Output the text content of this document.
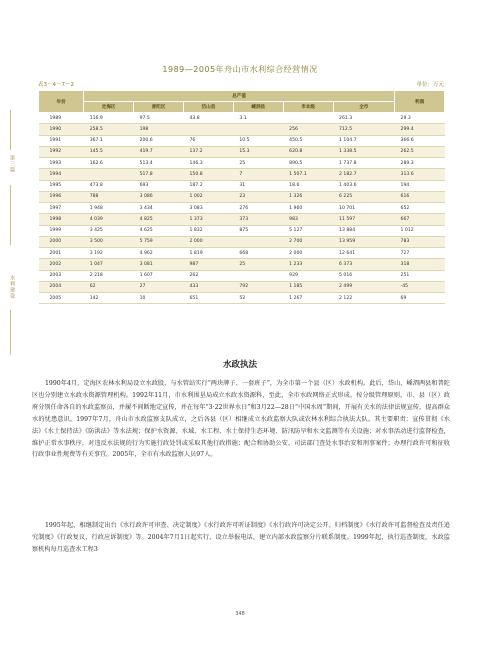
第三篇
水利建设
1989—2005年舟山市水利综合经营情况
表3－4－7－2	单位：万元
年份	总产值						利润
	定海区	普陀区	岱山县	嵊泗县	市本级	全市	
1989	116.9	97.5	43.8	3.1		261.3	29.3
1990	258.5	198			256	712.5	299.4
1991	367.1	200.6	76	10.5	450.5	1 104.7	366.6
1992	145.5	419.7	137.2	15.3	620.8	1 338.5	262.5
1993	162.6	513.4	146.3	25	890.5	1 737.8	289.3
1994		517.8	150.8	7	1 507.1	2 182.7	313.6
1995	473.8	693	187.2	31	18.6	1 403.6	194
1996	788	3 086	1 002	23	1 326	6 225	616
1997	1 948	3 434	3 083	276	1 960	10 701	652
1998	4 039	4 825	1 373	373	983	11 597	667
1999	3 425	4 625	1 832	875	5 127	13 884	1 012
2000	3 500	5 759	2 000		2 700	13 959	783
2001	3 192	4 962	1 819	668	2 000	12 641	727
2002	1 047	3 081	987	25	1 233	6 373	318
2003	2 218	1 607	262		929	5 016	251
2004	62	27	433	792	1 185	2 499	-45
2005	142	10	651	52	1 267	2 122	69
水政执法
1990年4月，定海区农林水利局设立水政股，与水管站实行“两块牌子、一套班子”，为全市第一个县（区）水政机构。此后，岱山、嵊泗两县和普陀区也分别建立水政水资源管理机构。1992年11月，市水利围垦局成立水政水资源科，至此，全市水政网络正式形成。按分级管理原则，市、县（区）政府分别任命各自的水政监察员，并履不间断地定宣传，并在每年“3·22世界水日”和3月22—28日“中国水周”期间，开展有关水的法律法规宣传，提高群众水的忧患意识。1997年7月，舟山市水政监察支队成立，之后各县（区）相继成立水政监察大队或农林水利综合执法大队。其主要职责：宣传贯彻《水法》《水土保持法》《防洪法》等水法规；保护水资源、水域、水工程、水土保持生态环境、防汛防旱和水文监测等有关设施；对水事活动进行监督检查，维护正常水事秩序，对违反水法规的行为实施行政处罚或采取其他行政措施；配合和协助公安、司法部门查处水事治安和刑事案件；办理行政许可和征收行政事业性规费等有关事宜。2005年，全市有水政监察人员97人。
1995年起，相继制定出台《水行政许可审查、决定制度》《水行政许可听证制度》《水行政许可决定公开、归档制度》《水行政许可监督检查及责任追究制度》《行政复议、行政应诉制度》等。2004年7月1日起实行，设立举报电话，建立内部水政监察分片联系制度。1999年起，执行巡查制度，水政监察机构每月巡查水工程3
348
